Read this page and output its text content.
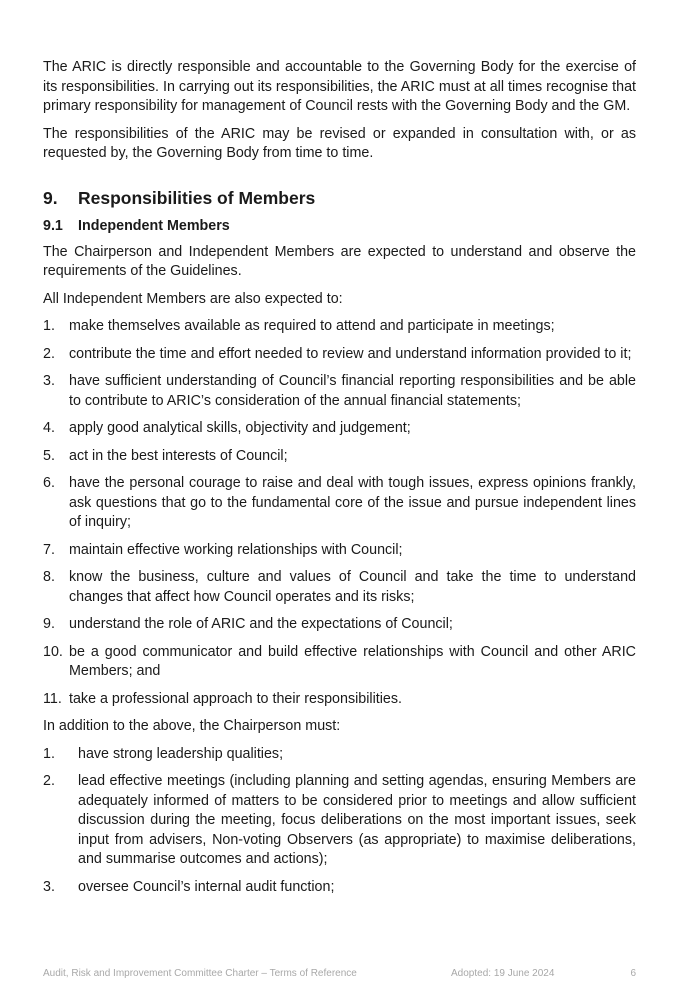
The ARIC is directly responsible and accountable to the Governing Body for the exercise of its responsibilities. In carrying out its responsibilities, the ARIC must at all times recognise that primary responsibility for management of Council rests with the Governing Body and the GM.

The responsibilities of the ARIC may be revised or expanded in consultation with, or as requested by, the Governing Body from time to time.

9.	Responsibilities of Members
9.1	Independent Members

The Chairperson and Independent Members are expected to understand and observe the requirements of the Guidelines.

All Independent Members are also expected to:

1. make themselves available as required to attend and participate in meetings;
2. contribute the time and effort needed to review and understand information provided to it;
3. have sufficient understanding of Council’s financial reporting responsibilities and be able to contribute to ARIC’s consideration of the annual financial statements;
4. apply good analytical skills, objectivity and judgement;
5. act in the best interests of Council;
6. have the personal courage to raise and deal with tough issues, express opinions frankly, ask questions that go to the fundamental core of the issue and pursue independent lines of inquiry;
7. maintain effective working relationships with Council;
8. know the business, culture and values of Council and take the time to understand changes that affect how Council operates and its risks;
9. understand the role of ARIC and the expectations of Council;
10. be a good communicator and build effective relationships with Council and other ARIC Members; and
11. take a professional approach to their responsibilities.

In addition to the above, the Chairperson must:

1.	have strong leadership qualities;
2.	lead effective meetings (including planning and setting agendas, ensuring Members are adequately informed of matters to be considered prior to meetings and allow sufficient discussion during the meeting, focus deliberations on the most important issues, seek input from advisers, Non-voting Observers (as appropriate) to maximise deliberations, and summarise outcomes and actions);
3.	oversee Council’s internal audit function;
Audit, Risk and Improvement Committee Charter – Terms of Reference	Adopted: 19 June 2024	6
